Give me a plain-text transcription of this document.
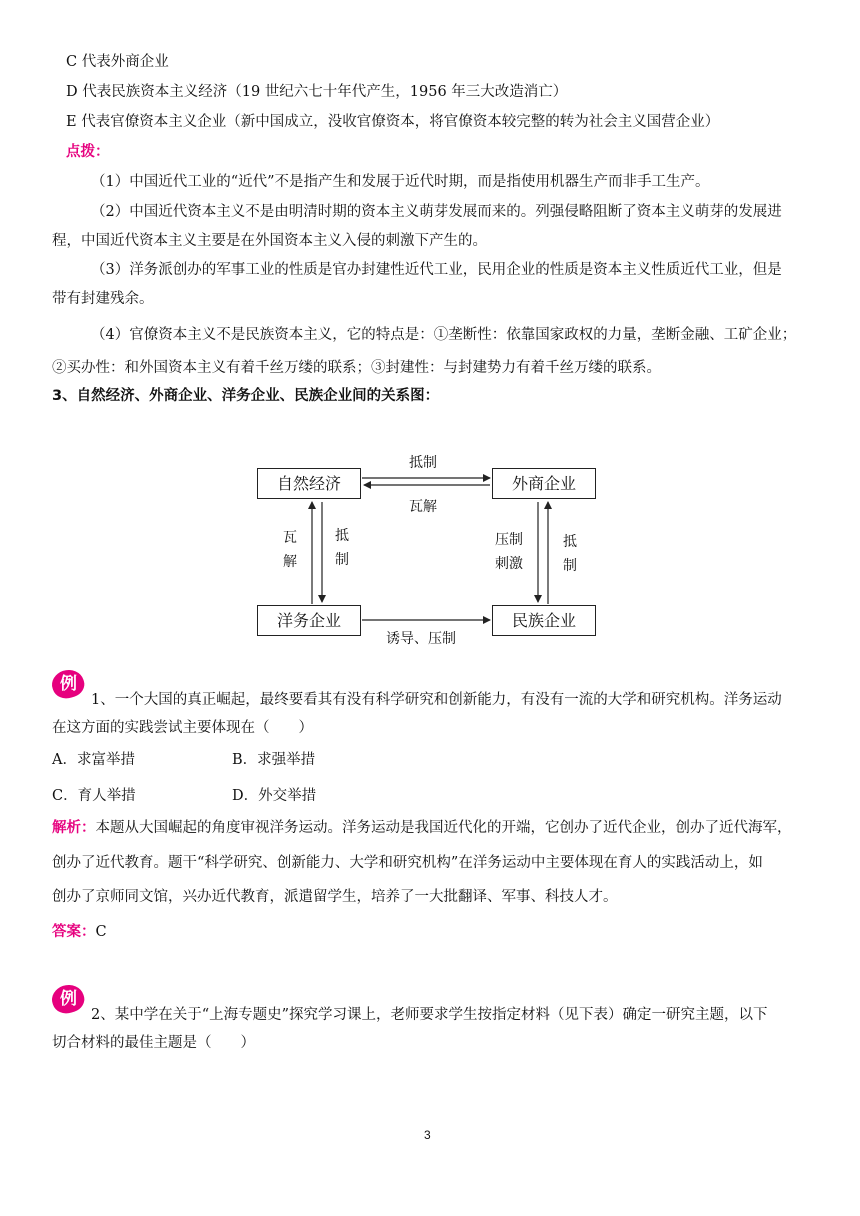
C 代表外商企业
D 代表民族资本主义经济（19 世纪六七十年代产生，1956 年三大改造消亡）
E 代表官僚资本主义企业（新中国成立，没收官僚资本，将官僚资本较完整的转为社会主义国营企业）
点拨：
（1）中国近代工业的“近代”不是指产生和发展于近代时期，而是指使用机器生产而非手工生产。
（2）中国近代资本主义不是由明清时期的资本主义萌芽发展而来的。列强侵略阻断了资本主义萌芽的发展进
程，中国近代资本主义主要是在外国资本主义入侵的刺激下产生的。
（3）洋务派创办的军事工业的性质是官办封建性近代工业，民用企业的性质是资本主义性质近代工业，但是
带有封建残余。
（4）官僚资本主义不是民族资本主义，它的特点是：①垄断性：依靠国家政权的力量，垄断金融、工矿企业；
②买办性：和外国资本主义有着千丝万缕的联系；③封建性：与封建势力有着千丝万缕的联系。
3、自然经济、外商企业、洋务企业、民族企业间的关系图：
自然经济	外商企业
洋务企业	民族企业
抵制
瓦解
瓦解
抵制
压制刺激
抵制
诱导、压制
例
1、一个大国的真正崛起，最终要看其有没有科学研究和创新能力，有没有一流的大学和研究机构。洋务运动
在这方面的实践尝试主要体现在（　　）
A．求富举措	B．求强举措
C．育人举措	D．外交举措
解析：本题从大国崛起的角度审视洋务运动。洋务运动是我国近代化的开端，它创办了近代企业，创办了近代海军，
创办了近代教育。题干“科学研究、创新能力、大学和研究机构”在洋务运动中主要体现在育人的实践活动上，如
创办了京师同文馆，兴办近代教育，派遣留学生，培养了一大批翻译、军事、科技人才。
答案：C
例
2、某中学在关于“上海专题史”探究学习课上，老师要求学生按指定材料（见下表）确定一研究主题，以下
切合材料的最佳主题是（　　）
3
